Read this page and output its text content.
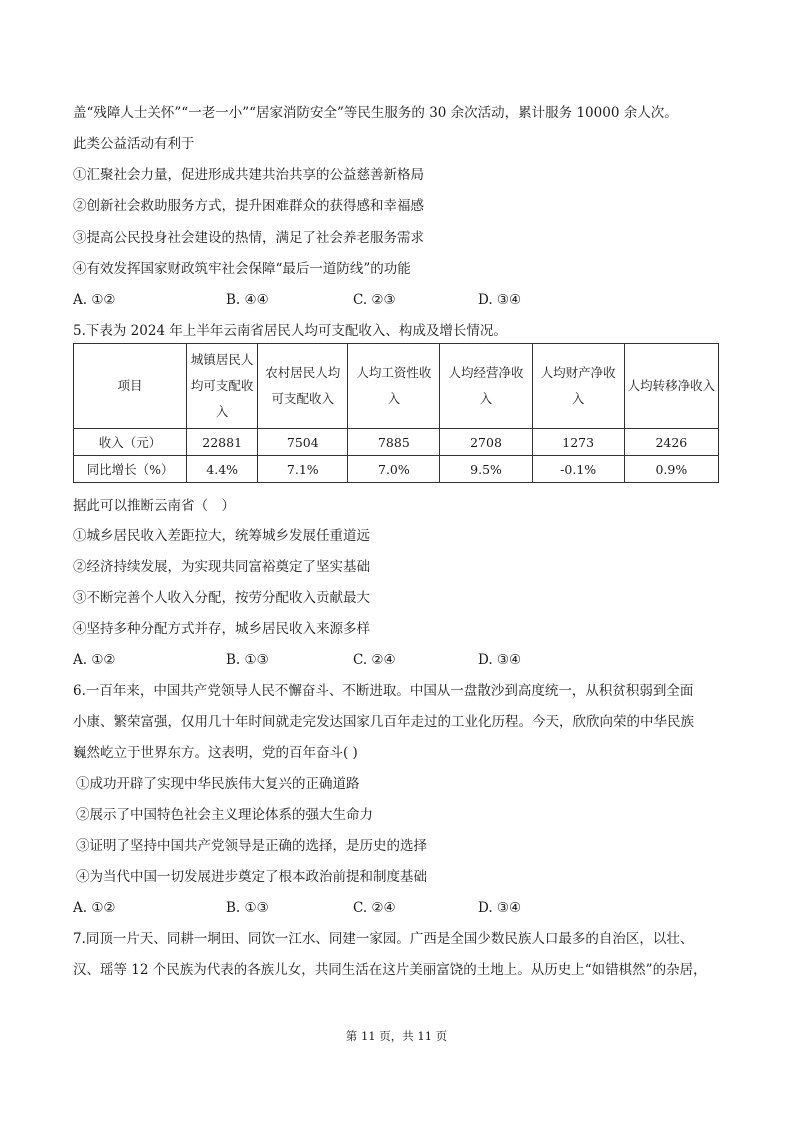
盖“残障人士关怀”“一老一小”“居家消防安全”等民生服务的 30 余次活动，累计服务 10000 余人次。
此类公益活动有利于
①汇聚社会力量，促进形成共建共治共享的公益慈善新格局
②创新社会救助服务方式，提升困难群众的获得感和幸福感
③提高公民投身社会建设的热情，满足了社会养老服务需求
④有效发挥国家财政筑牢社会保障“最后一道防线”的功能
A. ①②	B. ④④	C. ②③	D. ③④
5.下表为 2024 年上半年云南省居民人均可支配收入、构成及增长情况。
项目	城镇居民人均可支配收入	农村居民人均可支配收入	人均工资性收入	人均经营净收入	人均财产净收入	人均转移净收入
收入（元）	22881	7504	7885	2708	1273	2426
同比增长（%）	4.4%	7.1%	7.0%	9.5%	-0.1%	0.9%
据此可以推断云南省（　）
①城乡居民收入差距拉大，统筹城乡发展任重道远
②经济持续发展，为实现共同富裕奠定了坚实基础
③不断完善个人收入分配，按劳分配收入贡献最大
④坚持多种分配方式并存，城乡居民收入来源多样
A. ①②	B. ①③	C. ②④	D. ③④
6.一百年来，中国共产党领导人民不懈奋斗、不断进取。中国从一盘散沙到高度统一，从积贫积弱到全面
小康、繁荣富强，仅用几十年时间就走完发达国家几百年走过的工业化历程。今天，欣欣向荣的中华民族
巍然屹立于世界东方。这表明，党的百年奋斗( )
①成功开辟了实现中华民族伟大复兴的正确道路
②展示了中国特色社会主义理论体系的强大生命力
③证明了坚持中国共产党领导是正确的选择，是历史的选择
④为当代中国一切发展进步奠定了根本政治前提和制度基础
A. ①②	B. ①③	C. ②④	D. ③④
7.同顶一片天、同耕一垌田、同饮一江水、同建一家园。广西是全国少数民族人口最多的自治区，以壮、
汉、瑶等 12 个民族为代表的各族儿女，共同生活在这片美丽富饶的土地上。从历史上“如错棋然”的杂居，
第 11 页，共 11 页
